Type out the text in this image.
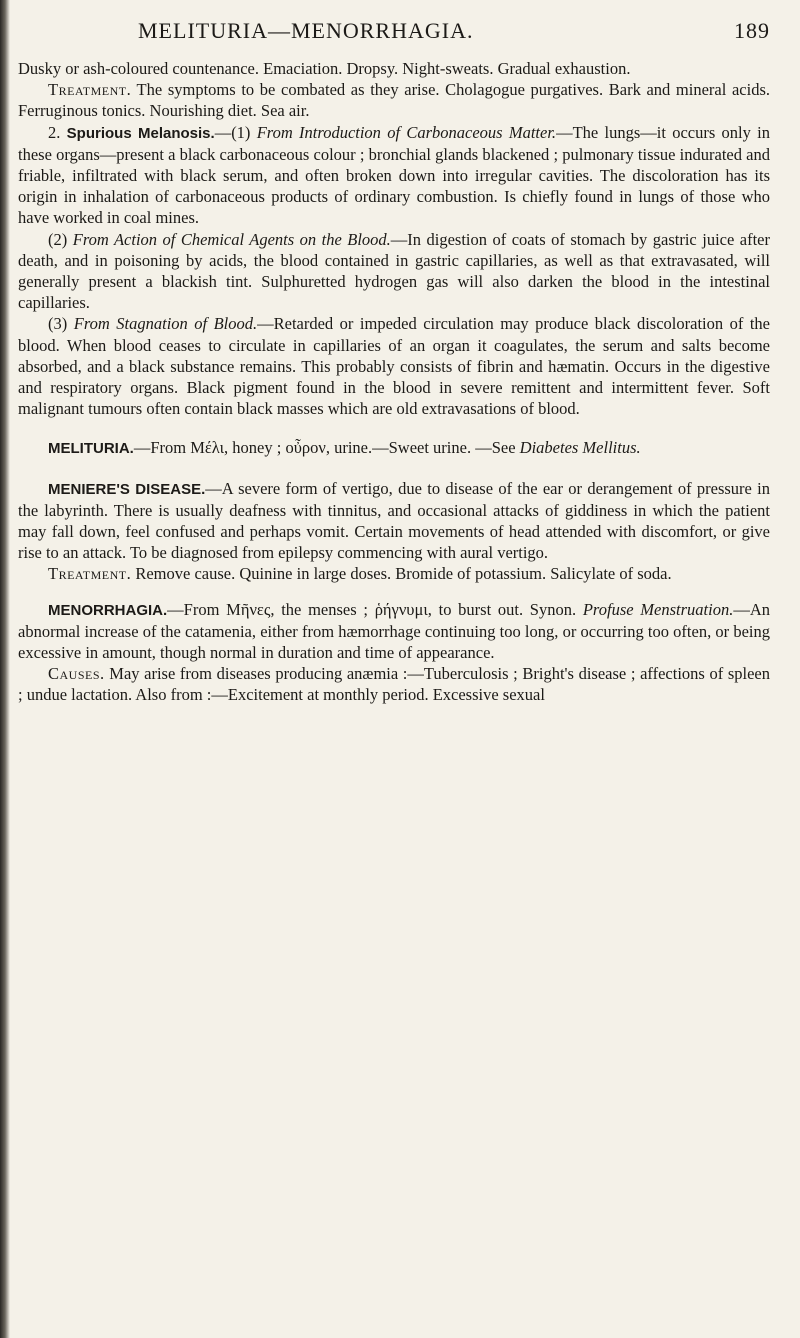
MELITURIA—MENORRHAGIA.	189

Dusky or ash-coloured countenance. Emaciation. Dropsy. Night-sweats. Gradual exhaustion.

Treatment. The symptoms to be combated as they arise. Cholagogue purgatives. Bark and mineral acids. Ferruginous tonics. Nourishing diet. Sea air.

2. Spurious Melanosis.—(1) From Introduction of Carbonaceous Matter.—The lungs—it occurs only in these organs—present a black carbonaceous colour ; bronchial glands blackened ; pulmonary tissue indurated and friable, infiltrated with black serum, and often broken down into irregular cavities. The discoloration has its origin in inhalation of carbonaceous products of ordinary combustion. Is chiefly found in lungs of those who have worked in coal mines.

(2) From Action of Chemical Agents on the Blood.—In digestion of coats of stomach by gastric juice after death, and in poisoning by acids, the blood contained in gastric capillaries, as well as that extravasated, will generally present a blackish tint. Sulphuretted hydrogen gas will also darken the blood in the intestinal capillaries.

(3) From Stagnation of Blood.—Retarded or impeded circulation may produce black discoloration of the blood. When blood ceases to circulate in capillaries of an organ it coagulates, the serum and salts become absorbed, and a black substance remains. This probably consists of fibrin and hæmatin. Occurs in the digestive and respiratory organs. Black pigment found in the blood in severe remittent and intermittent fever. Soft malignant tumours often contain black masses which are old extravasations of blood.

MELITURIA.—From Μέλι, honey ; οὖρον, urine.—Sweet urine. —See Diabetes Mellitus.

MENIERE'S DISEASE.—A severe form of vertigo, due to disease of the ear or derangement of pressure in the labyrinth. There is usually deafness with tinnitus, and occasional attacks of giddiness in which the patient may fall down, feel confused and perhaps vomit. Certain movements of head attended with discomfort, or give rise to an attack. To be diagnosed from epilepsy commencing with aural vertigo.

Treatment. Remove cause. Quinine in large doses. Bromide of potassium. Salicylate of soda.

MENORRHAGIA.—From Μῆνες, the menses ; ῥήγνυμι, to burst out. Synon. Profuse Menstruation.—An abnormal increase of the catamenia, either from hæmorrhage continuing too long, or occurring too often, or being excessive in amount, though normal in duration and time of appearance.

Causes. May arise from diseases producing anæmia :—Tuberculosis ; Bright's disease ; affections of spleen ; undue lactation. Also from :—Excitement at monthly period. Excessive sexual
